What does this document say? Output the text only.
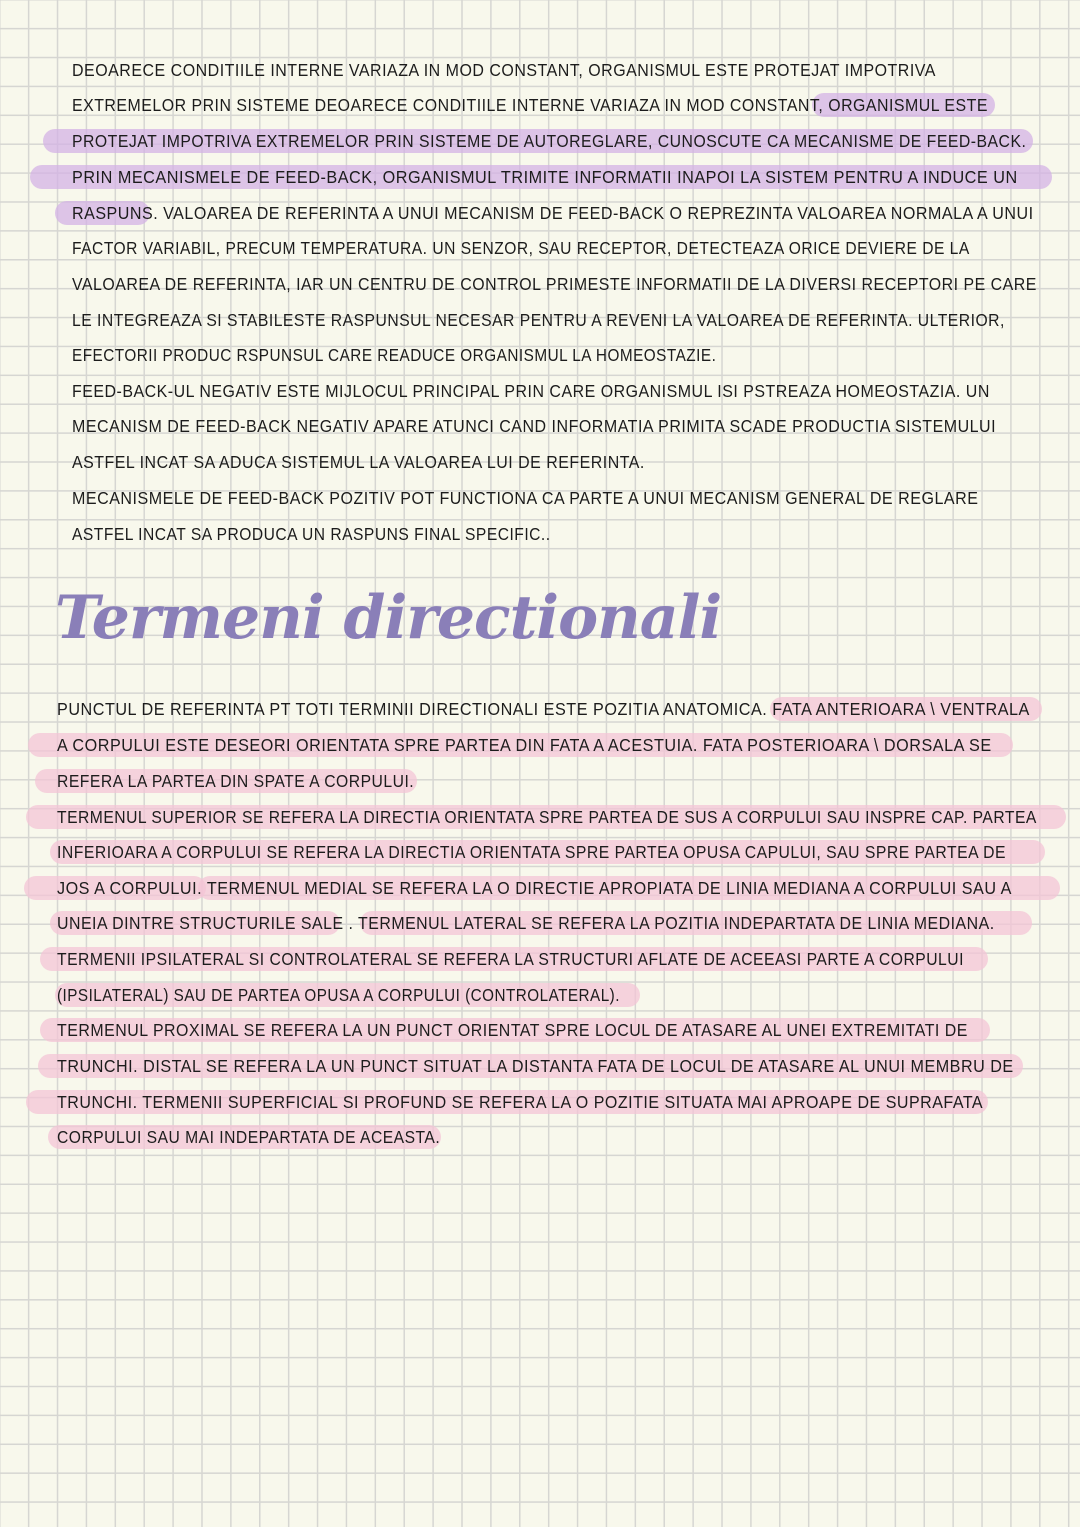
DEOARECE CONDITIILE INTERNE VARIAZA IN MOD CONSTANT, ORGANISMUL ESTE PROTEJAT IMPOTRIVA
EXTREMELOR PRIN SISTEME DEOARECE CONDITIILE INTERNE VARIAZA IN MOD CONSTANT, ORGANISMUL ESTE
PROTEJAT IMPOTRIVA EXTREMELOR PRIN SISTEME DE AUTOREGLARE, CUNOSCUTE CA MECANISME DE FEED-BACK.
PRIN MECANISMELE DE FEED-BACK, ORGANISMUL TRIMITE INFORMATII INAPOI LA SISTEM PENTRU A INDUCE UN
RASPUNS. VALOAREA DE REFERINTA A UNUI MECANISM DE FEED-BACK O REPREZINTA VALOAREA NORMALA A UNUI
FACTOR VARIABIL, PRECUM TEMPERATURA. UN SENZOR, SAU RECEPTOR, DETECTEAZA ORICE DEVIERE DE LA
VALOAREA DE REFERINTA, IAR UN CENTRU DE CONTROL PRIMESTE INFORMATII DE LA DIVERSI RECEPTORI PE CARE
LE INTEGREAZA SI STABILESTE RASPUNSUL NECESAR PENTRU A REVENI LA VALOAREA DE REFERINTA. ULTERIOR,
EFECTORII PRODUC RSPUNSUL CARE READUCE ORGANISMUL LA HOMEOSTAZIE.
FEED-BACK-UL NEGATIV ESTE MIJLOCUL PRINCIPAL PRIN CARE ORGANISMUL ISI PSTREAZA HOMEOSTAZIA. UN
MECANISM DE FEED-BACK NEGATIV APARE ATUNCI CAND INFORMATIA PRIMITA SCADE PRODUCTIA SISTEMULUI
ASTFEL INCAT SA ADUCA SISTEMUL LA VALOAREA LUI DE REFERINTA.
MECANISMELE DE FEED-BACK POZITIV POT FUNCTIONA CA PARTE A UNUI MECANISM GENERAL DE REGLARE
ASTFEL INCAT SA PRODUCA UN RASPUNS FINAL SPECIFIC..
Termeni directionali
PUNCTUL DE REFERINTA PT TOTI TERMINII DIRECTIONALI ESTE POZITIA ANATOMICA. FATA ANTERIOARA \ VENTRALA
A CORPULUI ESTE DESEORI ORIENTATA SPRE PARTEA DIN FATA A ACESTUIA. FATA POSTERIOARA \ DORSALA SE
REFERA LA PARTEA DIN SPATE A CORPULUI.
TERMENUL SUPERIOR SE REFERA LA DIRECTIA ORIENTATA SPRE PARTEA DE SUS A CORPULUI SAU INSPRE CAP. PARTEA
INFERIOARA A CORPULUI SE REFERA LA DIRECTIA ORIENTATA SPRE PARTEA OPUSA CAPULUI, SAU SPRE PARTEA DE
JOS A CORPULUI. TERMENUL MEDIAL SE REFERA LA O DIRECTIE APROPIATA DE LINIA MEDIANA A CORPULUI SAU A
UNEIA DINTRE STRUCTURILE SALE . TERMENUL LATERAL SE REFERA LA POZITIA INDEPARTATA DE LINIA MEDIANA.
TERMENII IPSILATERAL SI CONTROLATERAL SE REFERA LA STRUCTURI AFLATE DE ACEEASI PARTE A CORPULUI
(IPSILATERAL) SAU DE PARTEA OPUSA A CORPULUI (CONTROLATERAL).
TERMENUL PROXIMAL SE REFERA LA UN PUNCT ORIENTAT SPRE LOCUL DE ATASARE AL UNEI EXTREMITATI DE
TRUNCHI. DISTAL SE REFERA LA UN PUNCT SITUAT LA DISTANTA FATA DE LOCUL DE ATASARE AL UNUI MEMBRU DE
TRUNCHI. TERMENII SUPERFICIAL SI PROFUND SE REFERA LA O POZITIE SITUATA MAI APROAPE DE SUPRAFATA
CORPULUI SAU MAI INDEPARTATA DE ACEASTA.
